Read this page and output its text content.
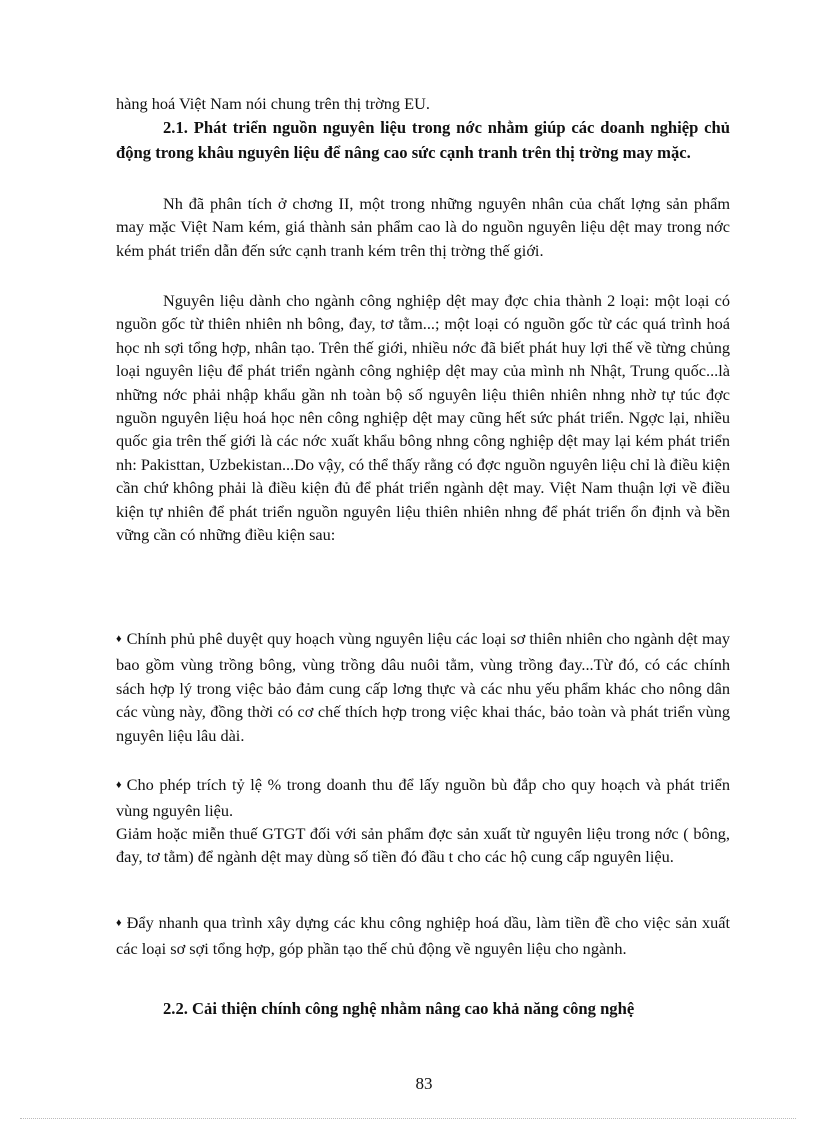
hàng hoá Việt Nam nói chung trên thị trờng EU.
2.1. Phát triển nguồn nguyên liệu trong nớc nhằm giúp các doanh nghiệp chủ động trong khâu nguyên liệu để nâng cao sức cạnh tranh trên thị trờng may mặc.
Nh đã phân tích ở chơng II, một trong những nguyên nhân của chất lợng sản phẩm may mặc Việt Nam kém, giá thành sản phẩm cao là do nguồn nguyên liệu dệt may trong nớc kém phát triển dẫn đến sức cạnh tranh kém trên thị trờng thế giới.
Nguyên liệu dành cho ngành công nghiệp dệt may đợc chia thành 2 loại: một loại có nguồn gốc từ thiên nhiên nh bông, đay, tơ tằm...; một loại có nguồn gốc từ các quá trình hoá học nh sợi tổng hợp, nhân tạo. Trên thế giới, nhiều nớc đã biết phát huy lợi thế về từng chủng loại nguyên liệu để phát triển ngành công nghiệp dệt may của mình nh Nhật, Trung quốc...là những nớc phải nhập khẩu gần nh toàn bộ số nguyên liệu thiên nhiên nhng nhờ tự túc đợc nguồn nguyên liệu hoá học nên công nghiệp dệt may cũng hết sức phát triển. Ngợc lại, nhiều quốc gia trên thế giới là các nớc xuất khẩu bông nhng công nghiệp dệt may lại kém phát triển nh: Pakisttan, Uzbekistan...Do vậy, có thể thấy rằng có đợc nguồn nguyên liệu chỉ là điều kiện cần chứ không phải là điều kiện đủ để phát triển ngành dệt may. Việt Nam thuận lợi về điều kiện tự nhiên để phát triển nguồn nguyên liệu thiên nhiên nhng để phát triển ổn định và bền vững cần có những điều kiện sau:
♦ Chính phủ phê duyệt quy hoạch vùng nguyên liệu các loại sơ thiên nhiên cho ngành dệt may bao gồm vùng trồng bông, vùng trồng dâu nuôi tằm, vùng trồng đay...Từ đó, có các chính sách hợp lý trong việc bảo đảm cung cấp lơng thực và các nhu yếu phẩm khác cho nông dân các vùng này, đồng thời có cơ chế thích hợp trong việc khai thác, bảo toàn và phát triển vùng nguyên liệu lâu dài.
♦ Cho phép trích tỷ lệ % trong doanh thu để lấy nguồn bù đắp cho quy hoạch và phát triển vùng nguyên liệu.
Giảm hoặc miễn thuế GTGT đối với sản phẩm đợc sản xuất từ nguyên liệu trong nớc ( bông, đay, tơ tằm) để ngành dệt may dùng số tiền đó đầu t cho các hộ cung cấp nguyên liệu.
♦ Đẩy nhanh qua trình xây dựng các khu công nghiệp hoá dầu, làm tiền đề cho việc sản xuất các loại sơ sợi tổng hợp, góp phần tạo thế chủ động về nguyên liệu cho ngành.
2.2. Cải thiện chính công nghệ nhằm nâng cao khả năng công nghệ
83
